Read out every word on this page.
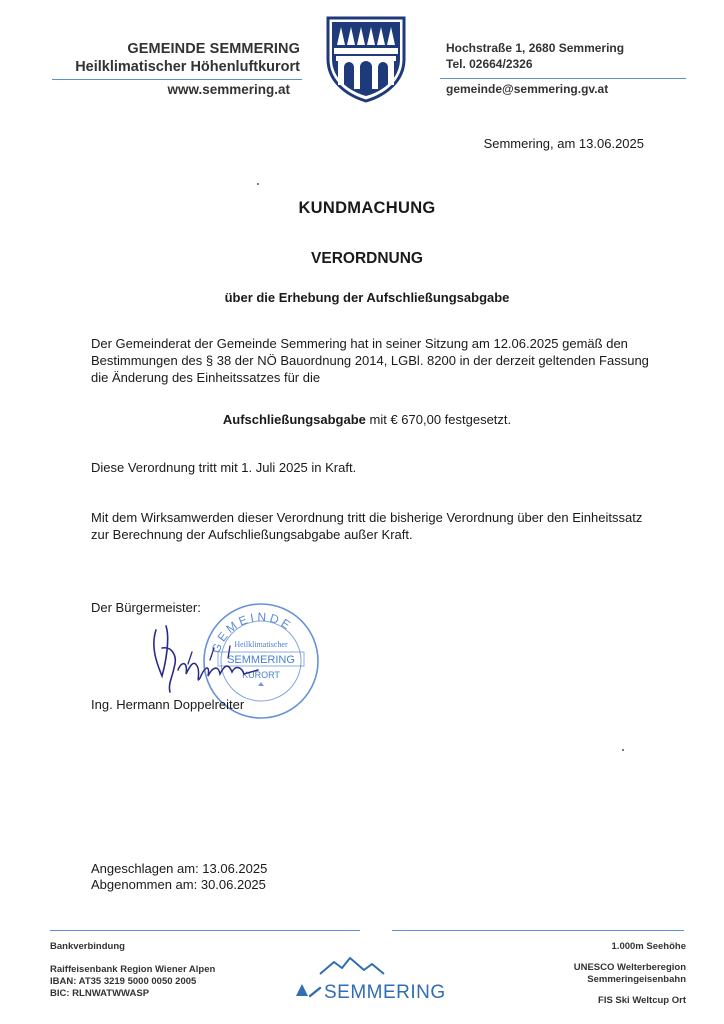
GEMEINDE SEMMERING
Heilklimatischer Höhenluftkurort
www.semmering.at
Hochstraße 1, 2680 Semmering
Tel. 02664/2326
gemeinde@semmering.gv.at
Semmering, am 13.06.2025
KUNDMACHUNG
VERORDNUNG
über die Erhebung der Aufschließungsabgabe
Der Gemeinderat der Gemeinde Semmering hat in seiner Sitzung am 12.06.2025 gemäß den Bestimmungen des § 38 der NÖ Bauordnung 2014, LGBl. 8200 in der derzeit geltenden Fassung die Änderung des Einheitssatzes für die
Aufschließungsabgabe mit € 670,00 festgesetzt.
Diese Verordnung tritt mit 1. Juli 2025 in Kraft.
Mit dem Wirksamwerden dieser Verordnung tritt die bisherige Verordnung über den Einheitssatz zur Berechnung der Aufschließungsabgabe außer Kraft.
Der Bürgermeister:
GEMEINDE
Heilklimatischer
SEMMERING
KURORT
Ing. Hermann Doppelreiter
Angeschlagen am: 13.06.2025
Abgenommen am: 30.06.2025
Bankverbindung
Raiffeisenbank Region Wiener Alpen
IBAN: AT35 3219 5000 0050 2005
BIC: RLNWATWWASP	SEMMERING
1.000m Seehöhe
UNESCO Welterberegion
Semmeringeisenbahn
FIS Ski Weltcup Ort
